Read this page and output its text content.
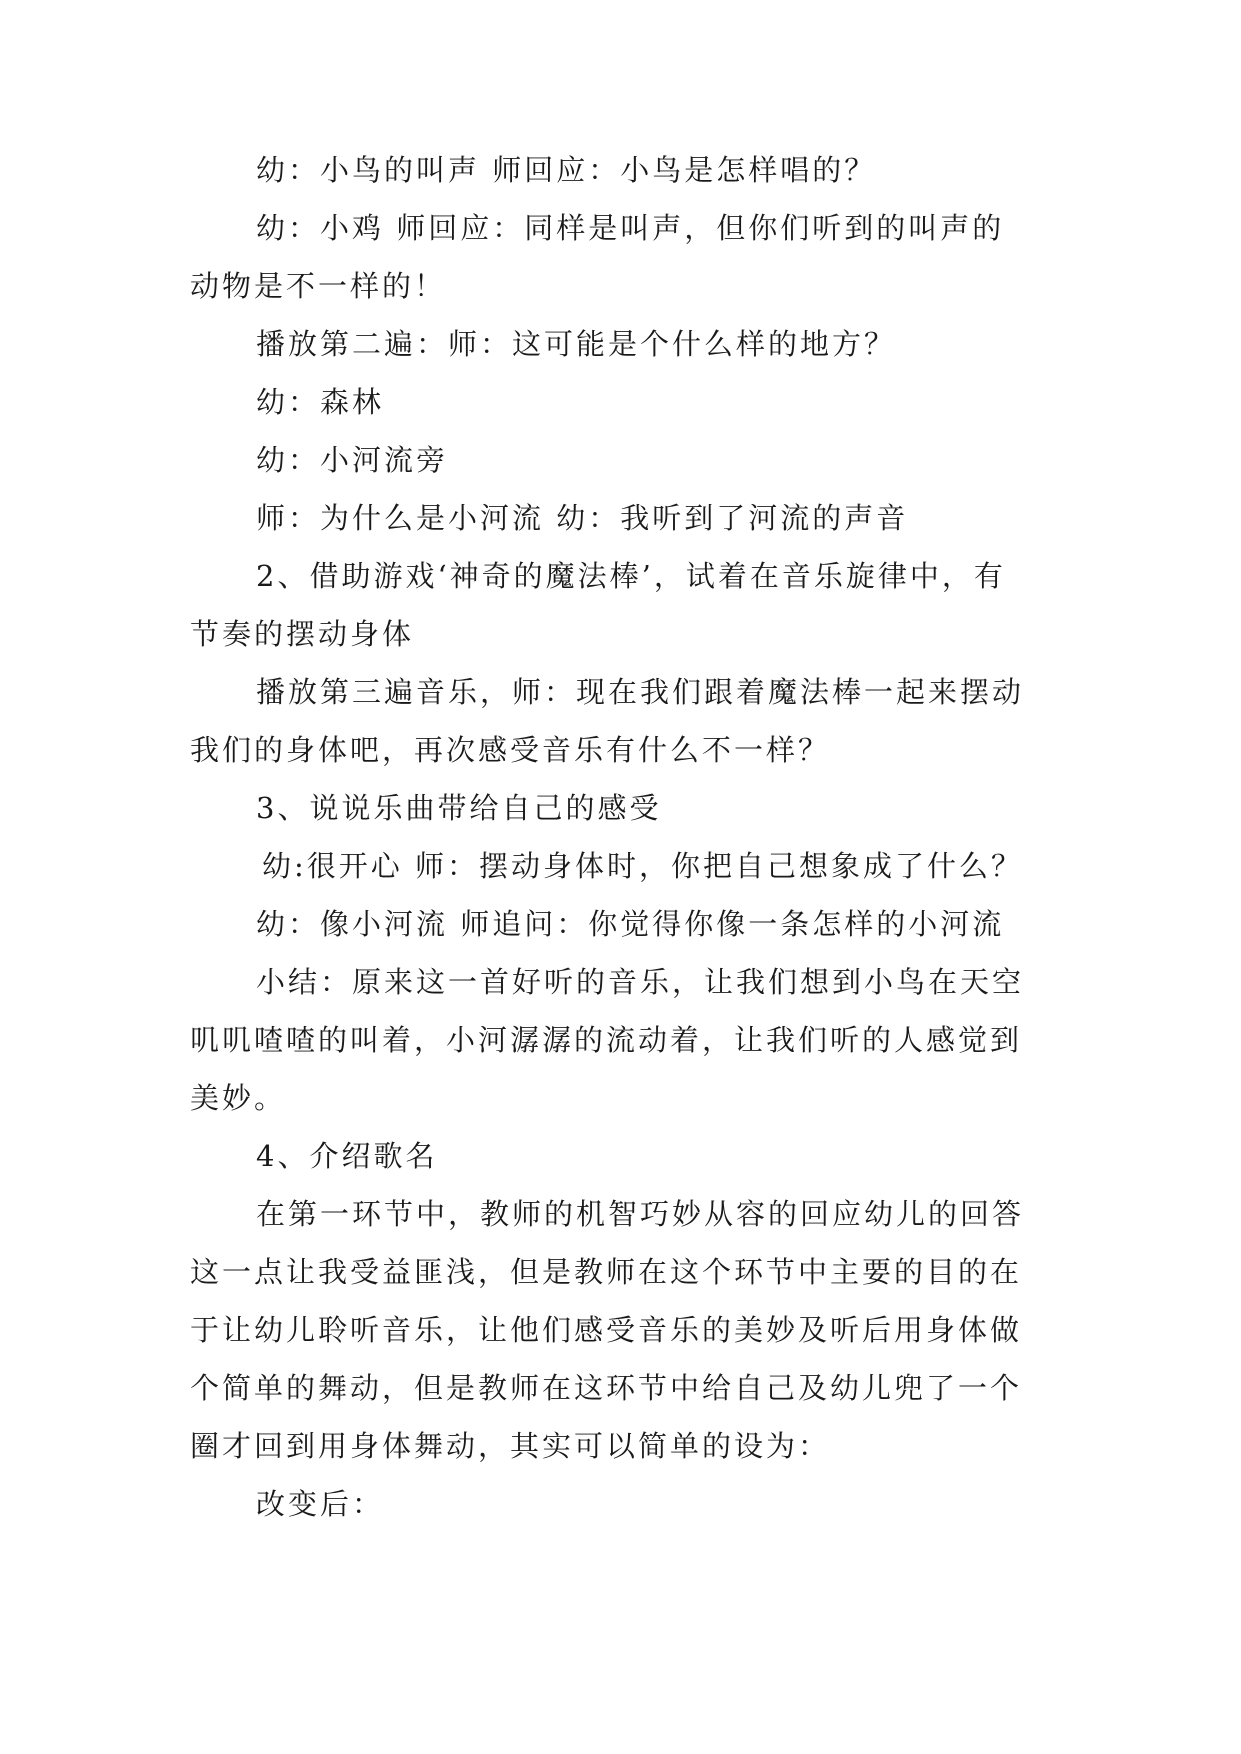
幼：小鸟的叫声 师回应：小鸟是怎样唱的？
幼：小鸡 师回应：同样是叫声，但你们听到的叫声的
动物是不一样的！
播放第二遍：师：这可能是个什么样的地方？
幼：森林
幼：小河流旁
师：为什么是小河流 幼：我听到了河流的声音
2、借助游戏‘神奇的魔法棒’，试着在音乐旋律中，有
节奏的摆动身体
播放第三遍音乐，师：现在我们跟着魔法棒一起来摆动
我们的身体吧，再次感受音乐有什么不一样？
3、说说乐曲带给自己的感受
幼:很开心 师：摆动身体时，你把自己想象成了什么？
幼：像小河流 师追问：你觉得你像一条怎样的小河流
小结：原来这一首好听的音乐，让我们想到小鸟在天空
叽叽喳喳的叫着，小河潺潺的流动着，让我们听的人感觉到
美妙。
4、介绍歌名
在第一环节中，教师的机智巧妙从容的回应幼儿的回答
这一点让我受益匪浅，但是教师在这个环节中主要的目的在
于让幼儿聆听音乐，让他们感受音乐的美妙及听后用身体做
个简单的舞动，但是教师在这环节中给自己及幼儿兜了一个
圈才回到用身体舞动，其实可以简单的设为：
改变后：
